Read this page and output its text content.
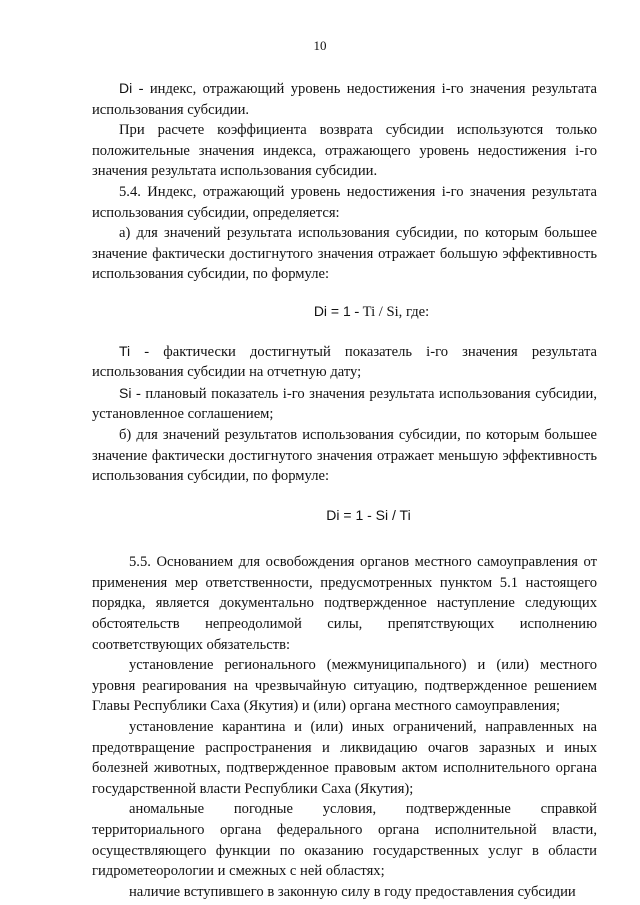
10

Di - индекс, отражающий уровень недостижения i-го значения результата использования субсидии.

При расчете коэффициента возврата субсидии используются только положительные значения индекса, отражающего уровень недостижения i-го значения результата использования субсидии.

5.4. Индекс, отражающий уровень недостижения i-го значения результата использования субсидии, определяется:

а) для значений результата использования субсидии, по которым большее значение фактически достигнутого значения отражает большую эффективность использования субсидии, по формуле:

Di = 1 - Ti / Si, где:

Ti - фактически достигнутый показатель i-го значения результата использования субсидии на отчетную дату;

Si - плановый показатель i-го значения результата использования субсидии, установленное соглашением;

б) для значений результатов использования субсидии, по которым большее значение фактически достигнутого значения отражает меньшую эффективность использования субсидии, по формуле:

Di = 1 - Si / Ti

5.5. Основанием для освобождения органов местного самоуправления от применения мер ответственности, предусмотренных пунктом 5.1 настоящего порядка, является документально подтвержденное наступление следующих обстоятельств непреодолимой силы, препятствующих исполнению соответствующих обязательств:

установление регионального (межмуниципального) и (или) местного уровня реагирования на чрезвычайную ситуацию, подтвержденное решением Главы Республики Саха (Якутия) и (или) органа местного самоуправления;

установление карантина и (или) иных ограничений, направленных на предотвращение распространения и ликвидацию очагов заразных и иных болезней животных, подтвержденное правовым актом исполнительного органа государственной власти Республики Саха (Якутия);

аномальные погодные условия, подтвержденные справкой территориального органа федерального органа исполнительной власти, осуществляющего функции по оказанию государственных услуг в области гидрометеорологии и смежных с ней областях;

наличие вступившего в законную силу в году предоставления субсидии
